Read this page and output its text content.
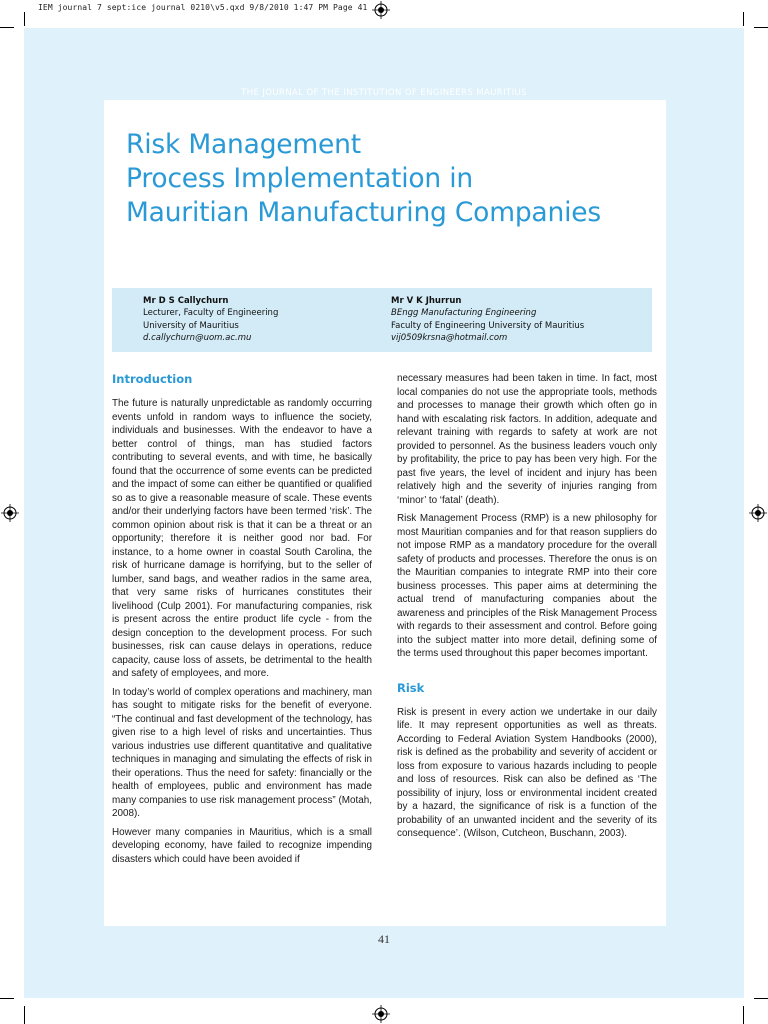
IEM journal 7 sept:ice journal 0210\v5.qxd 9/8/2010 1:47 PM Page 41
THE JOURNAL OF THE INSTITUTION OF ENGINEERS MAURITIUS
Risk Management
Process Implementation in
Mauritian Manufacturing Companies
Mr D S Callychurn
Lecturer, Faculty of Engineering
University of Mauritius
d.callychurn@uom.ac.mu
Mr V K Jhurrun
BEngg Manufacturing Engineering
Faculty of Engineering University of Mauritius
vij0509krsna@hotmail.com
Introduction

The future is naturally unpredictable as randomly occurring events unfold in random ways to influence the society, individuals and businesses. With the endeavor to have a better control of things, man has studied factors contributing to several events, and with time, he basically found that the occurrence of some events can be predicted and the impact of some can either be quantified or qualified so as to give a reasonable measure of scale. These events and/or their underlying factors have been termed ‘risk’. The common opinion about risk is that it can be a threat or an opportunity; therefore it is neither good nor bad. For instance, to a home owner in coastal South Carolina, the risk of hurricane damage is horrifying, but to the seller of lumber, sand bags, and weather radios in the same area, that very same risks of hurricanes constitutes their livelihood (Culp 2001). For manufacturing companies, risk is present across the entire product life cycle - from the design conception to the development process. For such businesses, risk can cause delays in operations, reduce capacity, cause loss of assets, be detrimental to the health and safety of employees, and more.

In today’s world of complex operations and machinery, man has sought to mitigate risks for the benefit of everyone. “The continual and fast development of the technology, has given rise to a high level of risks and uncertainties. Thus various industries use different quantitative and qualitative techniques in managing and simulating the effects of risk in their operations. Thus the need for safety: financially or the health of employees, public and environment has made many companies to use risk management process” (Motah, 2008).

However many companies in Mauritius, which is a small developing economy, have failed to recognize impending disasters which could have been avoided if

necessary measures had been taken in time. In fact, most local companies do not use the appropriate tools, methods and processes to manage their growth which often go in hand with escalating risk factors. In addition, adequate and relevant training with regards to safety at work are not provided to personnel. As the business leaders vouch only by profitability, the price to pay has been very high. For the past five years, the level of incident and injury has been relatively high and the severity of injuries ranging from ‘minor’ to ‘fatal’ (death).

Risk Management Process (RMP) is a new philosophy for most Mauritian companies and for that reason suppliers do not impose RMP as a mandatory procedure for the overall safety of products and processes. Therefore the onus is on the Mauritian companies to integrate RMP into their core business processes. This paper aims at determining the actual trend of manufacturing companies about the awareness and principles of the Risk Management Process with regards to their assessment and control. Before going into the subject matter into more detail, defining some of the terms used throughout this paper becomes important.

Risk

Risk is present in every action we undertake in our daily life. It may represent opportunities as well as threats. According to Federal Aviation System Handbooks (2000), risk is defined as the probability and severity of accident or loss from exposure to various hazards including to people and loss of resources. Risk can also be defined as ‘The possibility of injury, loss or environmental incident created by a hazard, the significance of risk is a function of the probability of an unwanted incident and the severity of its consequence’. (Wilson, Cutcheon, Buschann, 2003).

41
